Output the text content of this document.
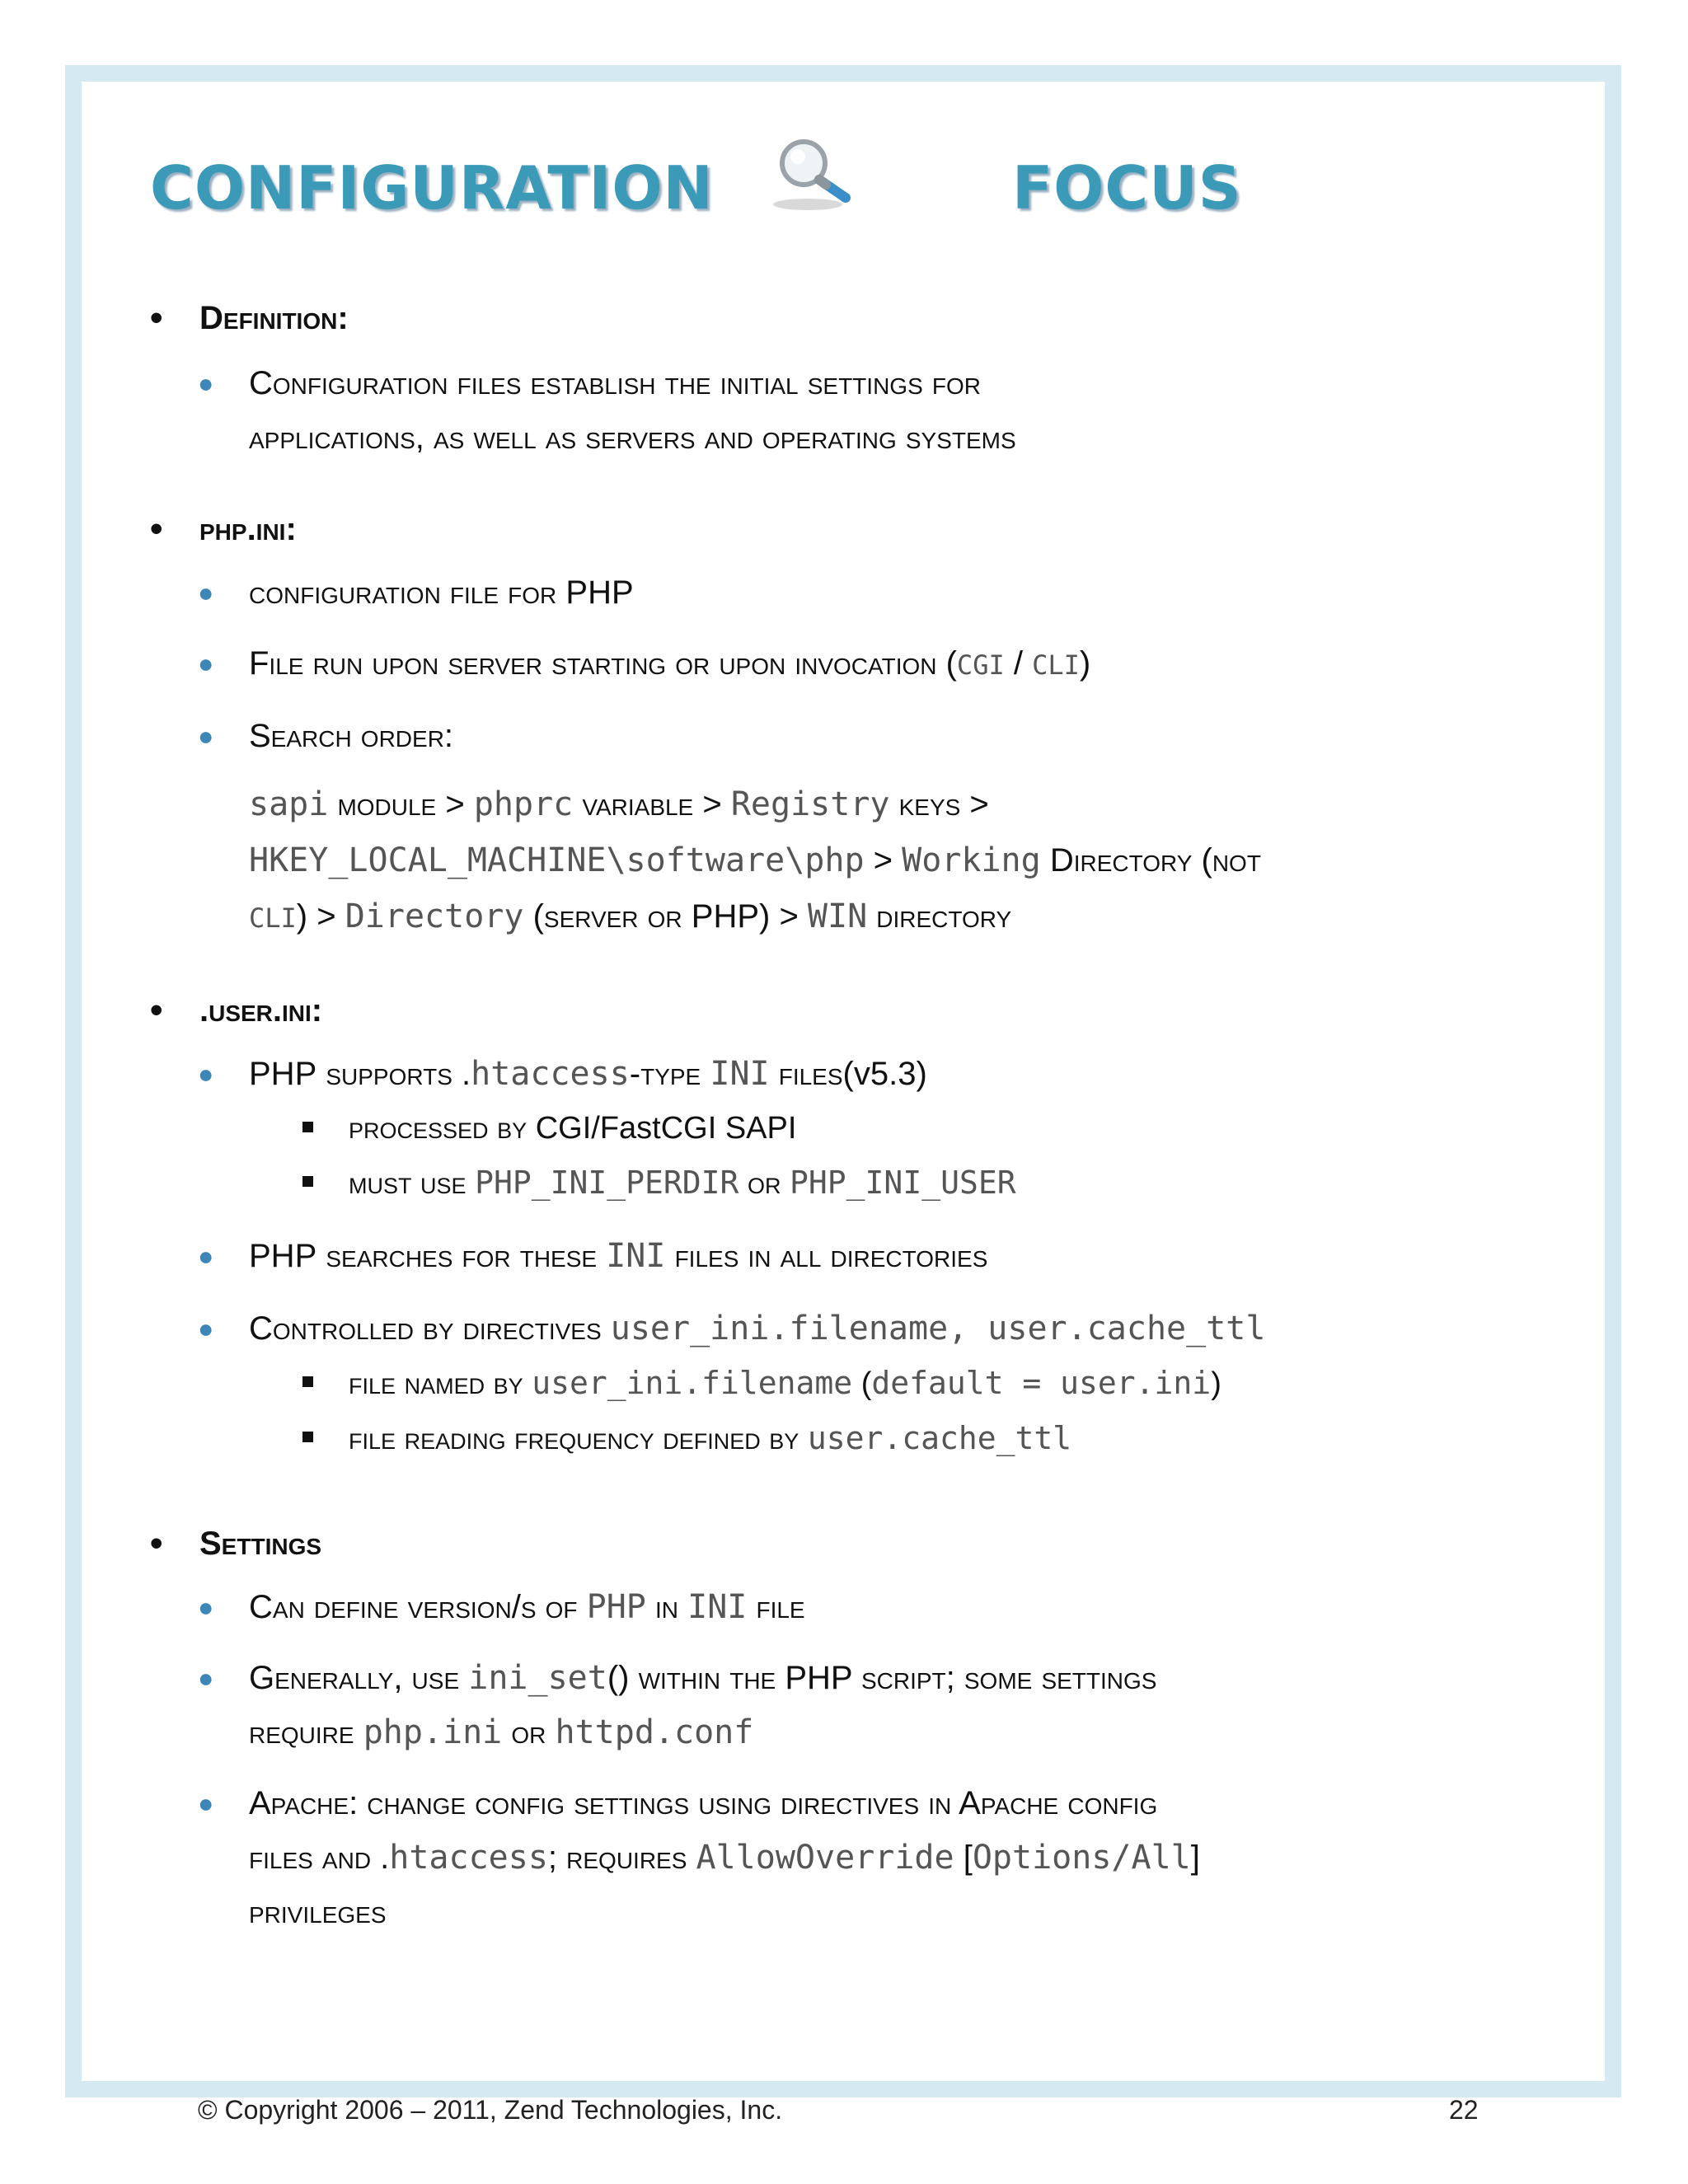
CONFIGURATION	FOCUS
• Definition:
● Configuration files establish the initial settings for
applications, as well as servers and operating systems
• php.ini:
● configuration file for PHP
● File run upon server starting or upon invocation (CGI / CLI)
● Search order:
sapi module > phprc variable > Registry keys >
HKEY_LOCAL_MACHINE\software\php > Working Directory (not
CLI) > Directory (server or PHP) > WIN directory
• .user.ini:
● PHP supports .htaccess-type INI files(v5.3)
processed by CGI/FastCGI SAPI
must use PHP_INI_PERDIR or PHP_INI_USER
● PHP searches for these INI files in all directories
● Controlled by directives user_ini.filename, user.cache_ttl
file named by user_ini.filename (default = user.ini)
file reading frequency defined by user.cache_ttl
• Settings
● Can define version/s of PHP in INI file
● Generally, use ini_set() within the PHP script; some settings
require php.ini or httpd.conf
● Apache: change config settings using directives in Apache config
files and .htaccess; requires AllowOverride [Options/All]
privileges
© Copyright 2006 – 2011, Zend Technologies, Inc.	22
